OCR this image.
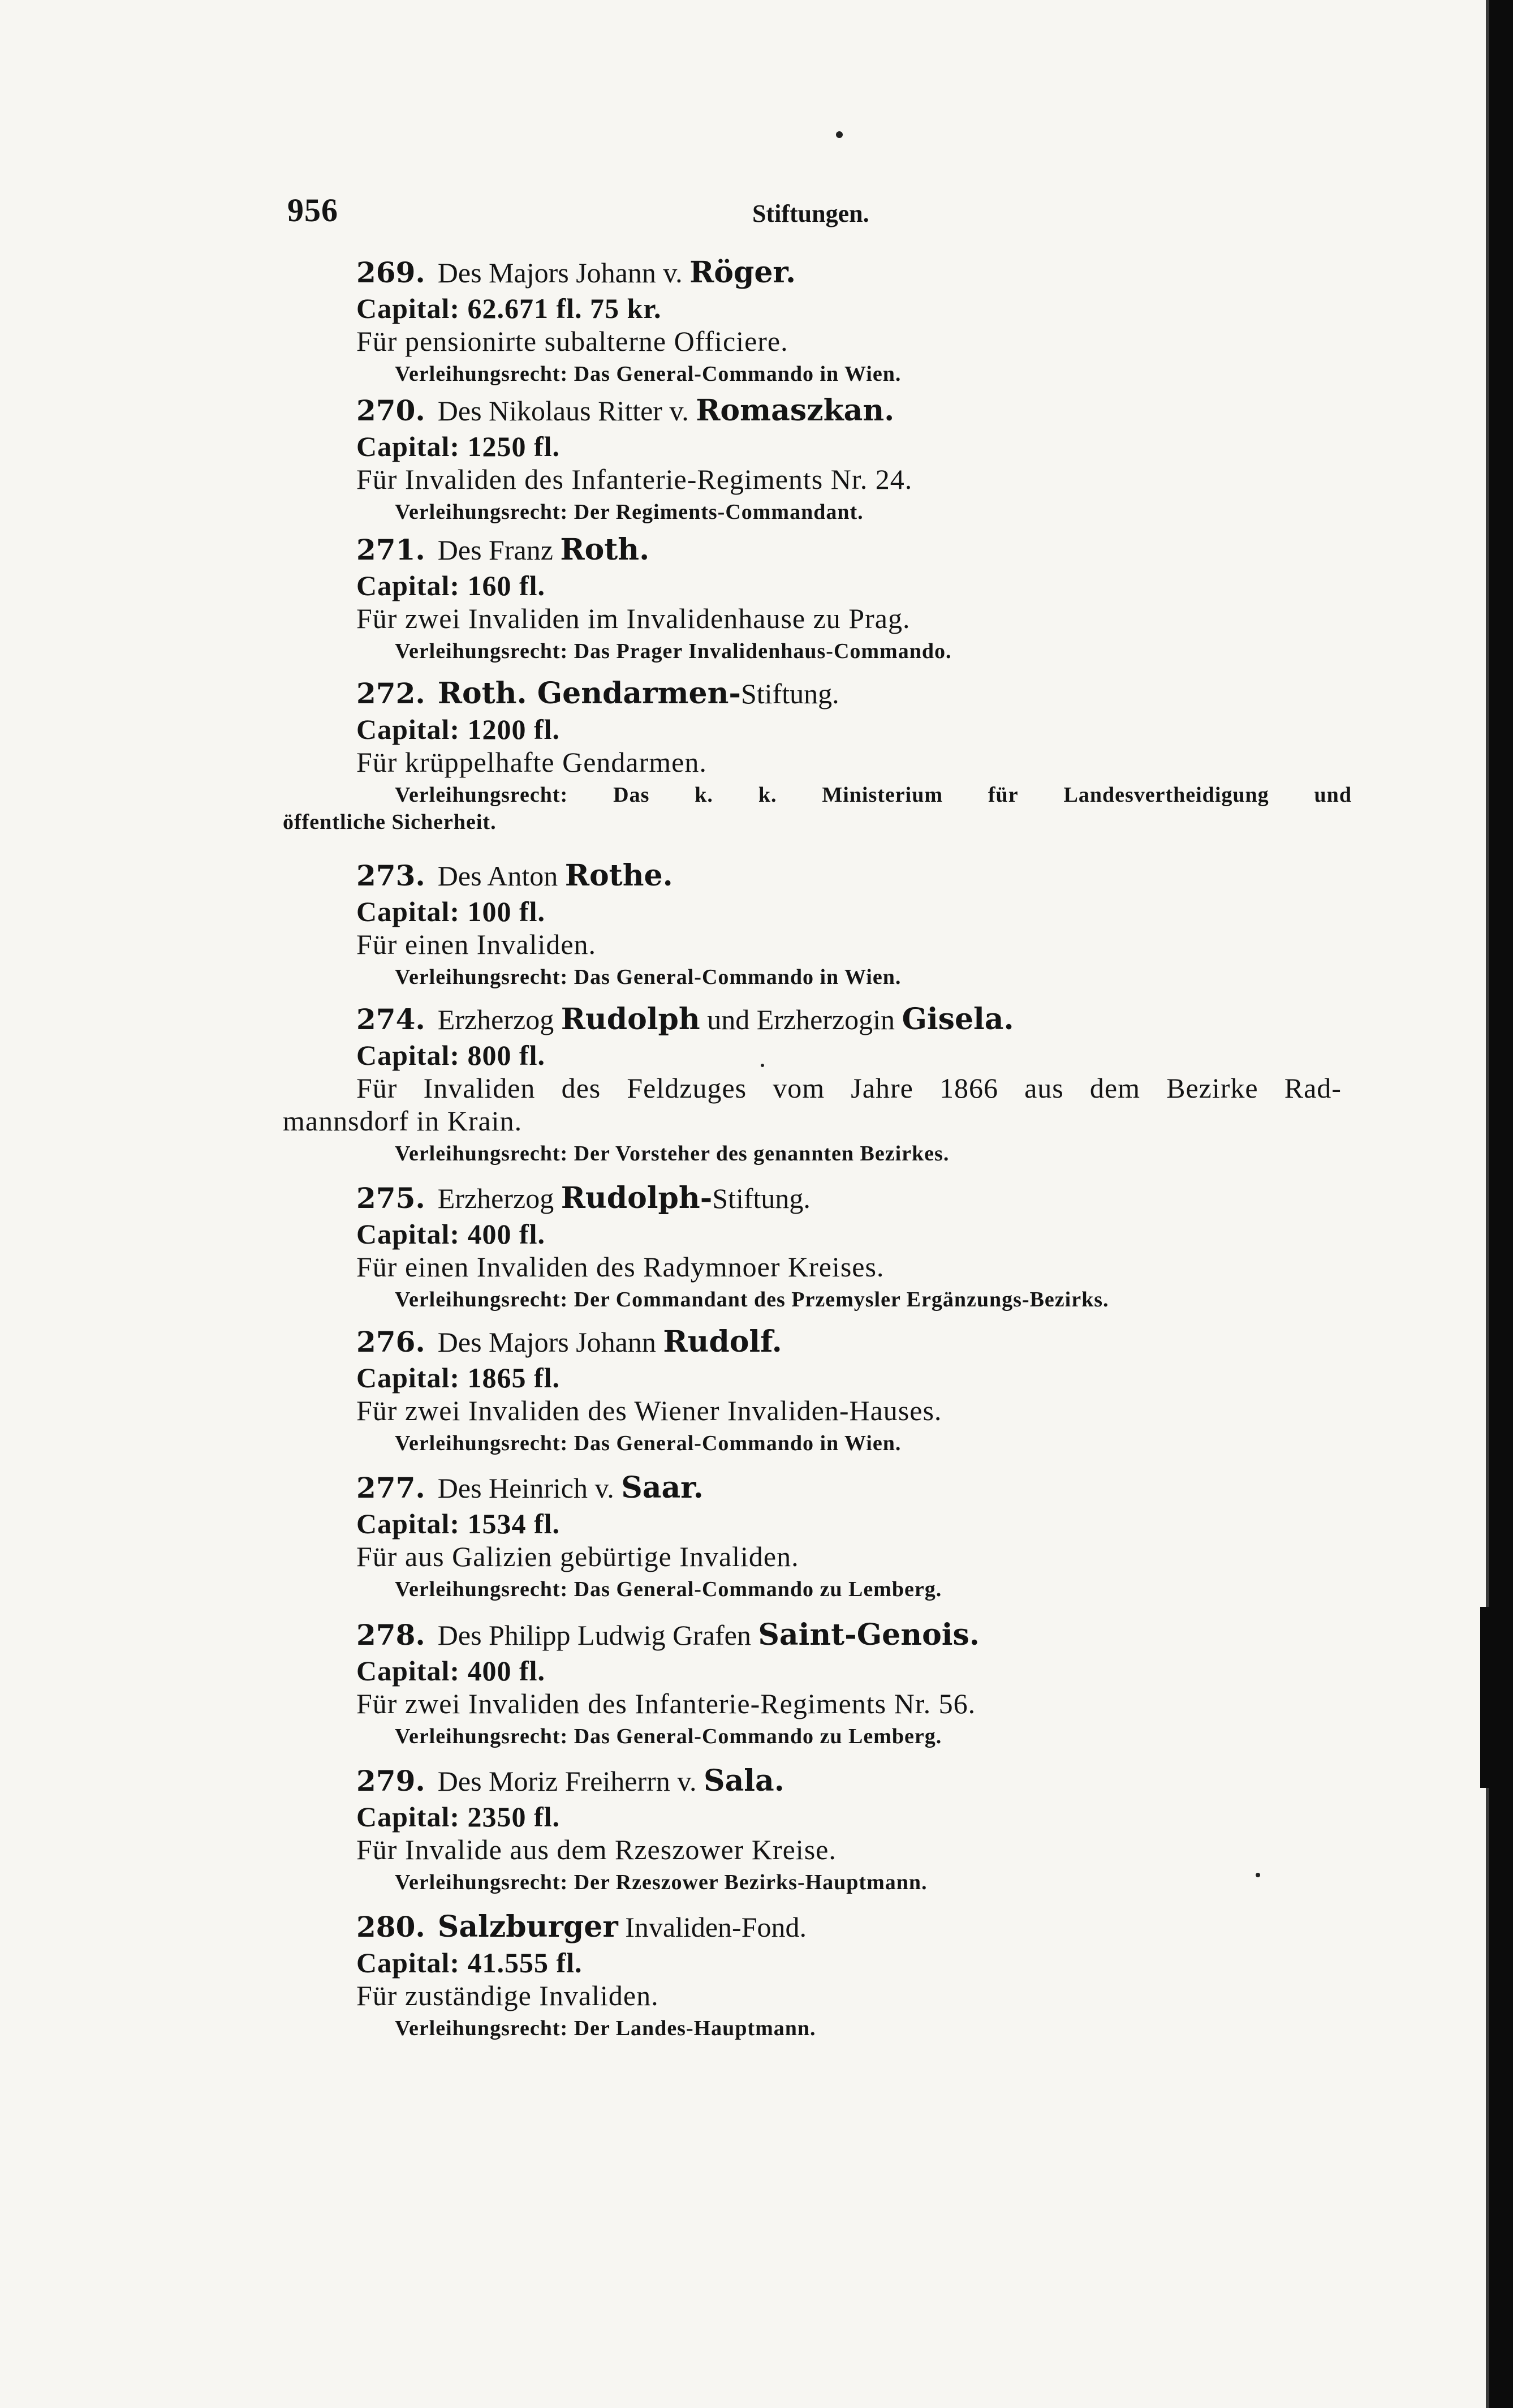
956	Stiftungen.
269. Des Majors Johann v. Röger.
Capital: 62.671 fl. 75 kr.
Für pensionirte subalterne Officiere.
Verleihungsrecht: Das General-Commando in Wien.
270. Des Nikolaus Ritter v. Romaszkan.
Capital: 1250 fl.
Für Invaliden des Infanterie-Regiments Nr. 24.
Verleihungsrecht: Der Regiments-Commandant.
271. Des Franz Roth.
Capital: 160 fl.
Für zwei Invaliden im Invalidenhause zu Prag.
Verleihungsrecht: Das Prager Invalidenhaus-Commando.
272. Roth. Gendarmen-Stiftung.
Capital: 1200 fl.
Für krüppelhafte Gendarmen.
Verleihungsrecht: Das k. k. Ministerium für Landesvertheidigung und
öffentliche Sicherheit.
273. Des Anton Rothe.
Capital: 100 fl.
Für einen Invaliden.
Verleihungsrecht: Das General-Commando in Wien.
274. Erzherzog Rudolph und Erzherzogin Gisela.
Capital: 800 fl.
Für Invaliden des Feldzuges vom Jahre 1866 aus dem Bezirke Rad-
mannsdorf in Krain.
Verleihungsrecht: Der Vorsteher des genannten Bezirkes.
275. Erzherzog Rudolph-Stiftung.
Capital: 400 fl.
Für einen Invaliden des Radymnoer Kreises.
Verleihungsrecht: Der Commandant des Przemysler Ergänzungs-Bezirks.
276. Des Majors Johann Rudolf.
Capital: 1865 fl.
Für zwei Invaliden des Wiener Invaliden-Hauses.
Verleihungsrecht: Das General-Commando in Wien.
277. Des Heinrich v. Saar.
Capital: 1534 fl.
Für aus Galizien gebürtige Invaliden.
Verleihungsrecht: Das General-Commando zu Lemberg.
278. Des Philipp Ludwig Grafen Saint-Genois.
Capital: 400 fl.
Für zwei Invaliden des Infanterie-Regiments Nr. 56.
Verleihungsrecht: Das General-Commando zu Lemberg.
279. Des Moriz Freiherrn v. Sala.
Capital: 2350 fl.
Für Invalide aus dem Rzeszower Kreise.
Verleihungsrecht: Der Rzeszower Bezirks-Hauptmann.
280. Salzburger Invaliden-Fond.
Capital: 41.555 fl.
Für zuständige Invaliden.
Verleihungsrecht: Der Landes-Hauptmann.
